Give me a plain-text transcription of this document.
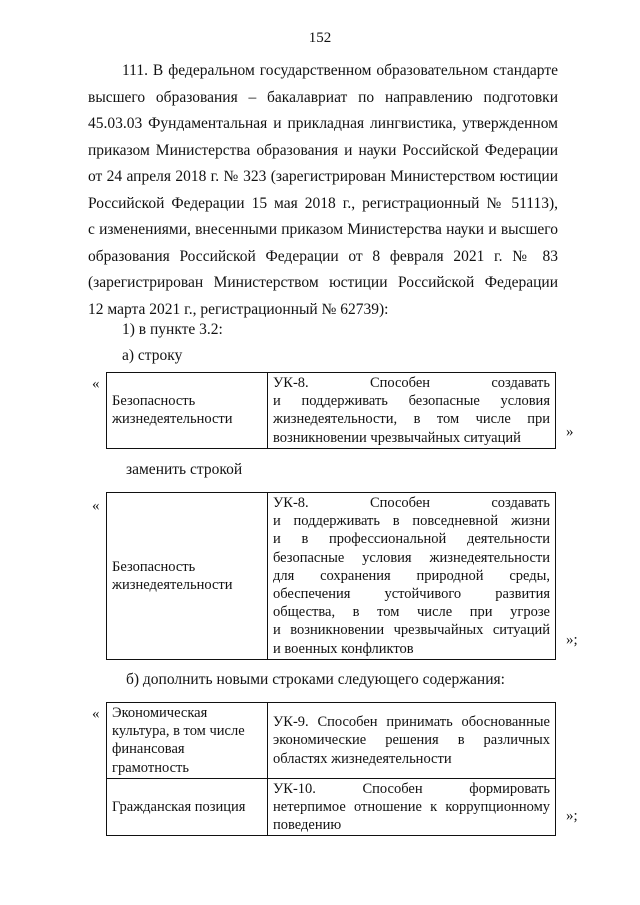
152
111. В федеральном государственном образовательном стандарте
высшего образования – бакалавриат по направлению подготовки
45.03.03 Фундаментальная и прикладная лингвистика, утвержденном
приказом Министерства образования и науки Российской Федерации
от 24 апреля 2018 г. № 323 (зарегистрирован Министерством юстиции
Российской Федерации 15 мая 2018 г., регистрационный № 51113),
с изменениями, внесенными приказом Министерства науки и высшего
образования Российской Федерации от 8 февраля 2021 г. № 83
(зарегистрирован Министерством юстиции Российской Федерации
12 марта 2021 г., регистрационный № 62739):
1) в пункте 3.2:
а) строку
«
Безопасность
жизнедеятельности

УК-8. Способен создавать
и поддерживать безопасные условия
жизнедеятельности, в том числе при
возникновении чрезвычайных ситуаций	»
заменить строкой
«
Безопасность
жизнедеятельности

УК-8. Способен создавать
и поддерживать в повседневной жизни
и в профессиональной деятельности
безопасные условия жизнедеятельности
для сохранения природной среды,
обеспечения устойчивого развития
общества, в том числе при угрозе
и возникновении чрезвычайных ситуаций
и военных конфликтов
»;
б) дополнить новыми строками следующего содержания:
« Экономическая
культура, в том числе
финансовая
грамотность	УК-9. Способен принимать обоснованные
экономические решения в различных
областях жизнедеятельности

Гражданская позиция	УК-10. Способен формировать
нетерпимое отношение к коррупционному
поведению
»;
